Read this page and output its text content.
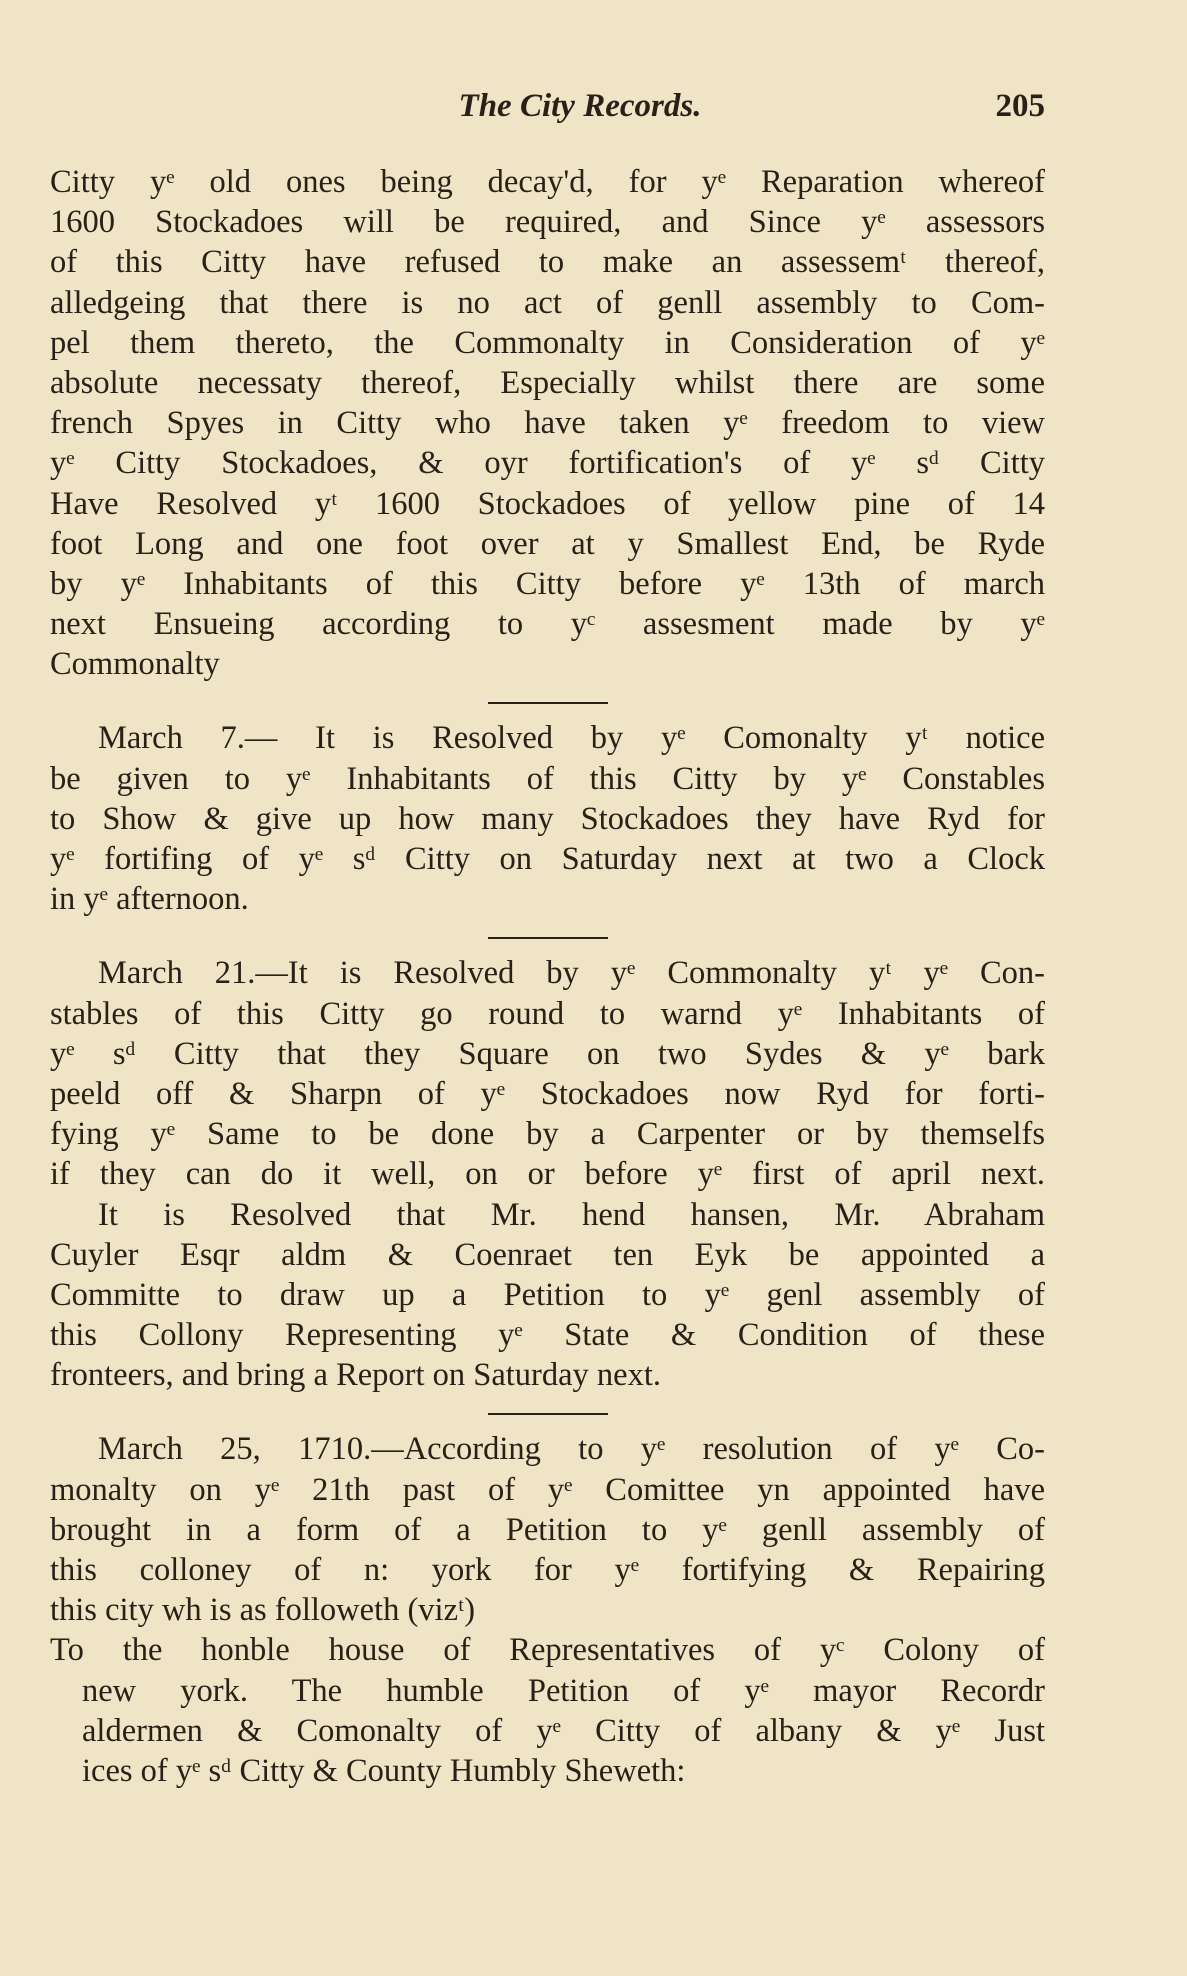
The City Records.	205
Citty yᵉ old ones being decay'd, for yᵉ Reparation whereof
1600 Stockadoes will be required, and Since yᵉ assessors
of this Citty have refused to make an assessemᵗ thereof,
alledgeing that there is no act of genll assembly to Com-
pel them thereto, the Commonalty in Consideration of yᵉ
absolute necessaty thereof, Especially whilst there are some
french Spyes in Citty who have taken yᵉ freedom to view
yᵉ Citty Stockadoes, & oyr fortification's of yᵉ sᵈ Citty
Have Resolved yᵗ 1600 Stockadoes of yellow pine of 14
foot Long and one foot over at y Smallest End, be Ryde
by yᵉ Inhabitants of this Citty before yᵉ 13th of march
next Ensueing according to yᶜ assesment made by yᵉ
Commonalty
March 7.— It is Resolved by yᵉ Comonalty yᵗ notice
be given to yᵉ Inhabitants of this Citty by yᵉ Constables
to Show & give up how many Stockadoes they have Ryd for
yᵉ fortifing of yᵉ sᵈ Citty on Saturday next at two a Clock
in yᵉ afternoon.
March 21.—It is Resolved by yᵉ Commonalty yᵗ yᵉ Con-
stables of this Citty go round to warnd yᵉ Inhabitants of
yᵉ sᵈ Citty that they Square on two Sydes & yᵉ bark
peeld off & Sharpn of yᵉ Stockadoes now Ryd for forti-
fying yᵉ Same to be done by a Carpenter or by themselfs
if they can do it well, on or before yᵉ first of april next.
It is Resolved that Mr. hend hansen, Mr. Abraham
Cuyler Esqr aldm & Coenraet ten Eyk be appointed a
Committe to draw up a Petition to yᵉ genl assembly of
this Collony Representing yᵉ State & Condition of these
fronteers, and bring a Report on Saturday next.
March 25, 1710.—According to yᵉ resolution of yᵉ Co-
monalty on yᵉ 21th past of yᵉ Comittee yn appointed have
brought in a form of a Petition to yᵉ genll assembly of
this colloney of n: york for yᵉ fortifying & Repairing
this city wh is as followeth (vizᵗ)
To the honble house of Representatives of yᶜ Colony of
new york. The humble Petition of yᵉ mayor Recordr
aldermen & Comonalty of yᵉ Citty of albany & yᵉ Just
ices of yᵉ sᵈ Citty & County Humbly Sheweth:
